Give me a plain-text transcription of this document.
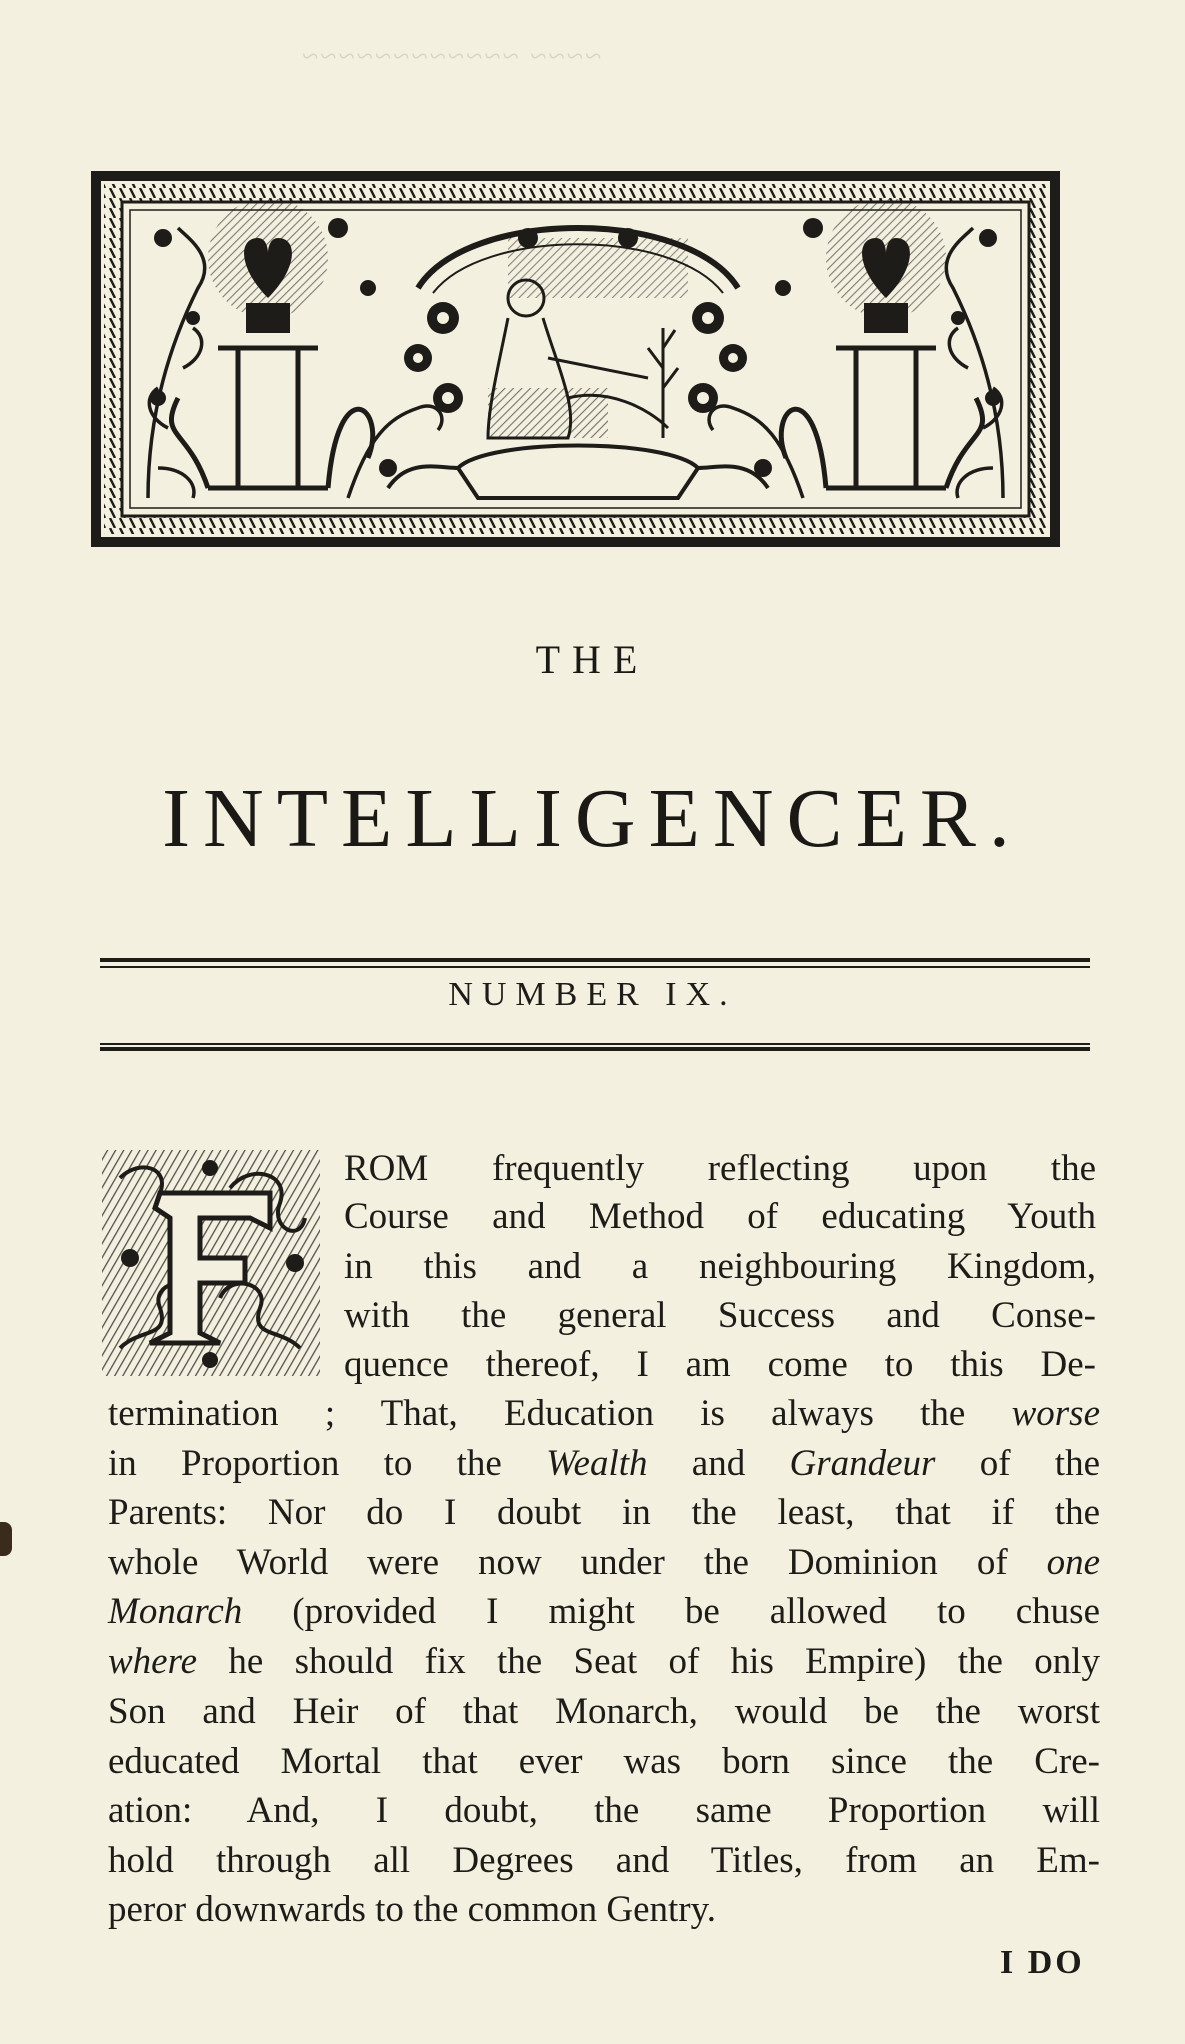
~~~~ ~~~~~~~~~~~~
THE
INTELLIGENCER.
NUMBER IX.
F	ROM frequently reflecting upon the
Course and Method of educating Youth
in this and a neighbouring Kingdom,
with the general Success and Conse-
quence thereof, I am come to this De-
termination ; That, Education is always the worse
in Proportion to the Wealth and Grandeur of the
Parents: Nor do I doubt in the least, that if the
whole World were now under the Dominion of one
Monarch (provided I might be allowed to chuse
where he should fix the Seat of his Empire) the only
Son and Heir of that Monarch, would be the worst
educated Mortal that ever was born since the Cre-
ation: And, I doubt, the same Proportion will
hold through all Degrees and Titles, from an Em-
peror downwards to the common Gentry.
I DO
